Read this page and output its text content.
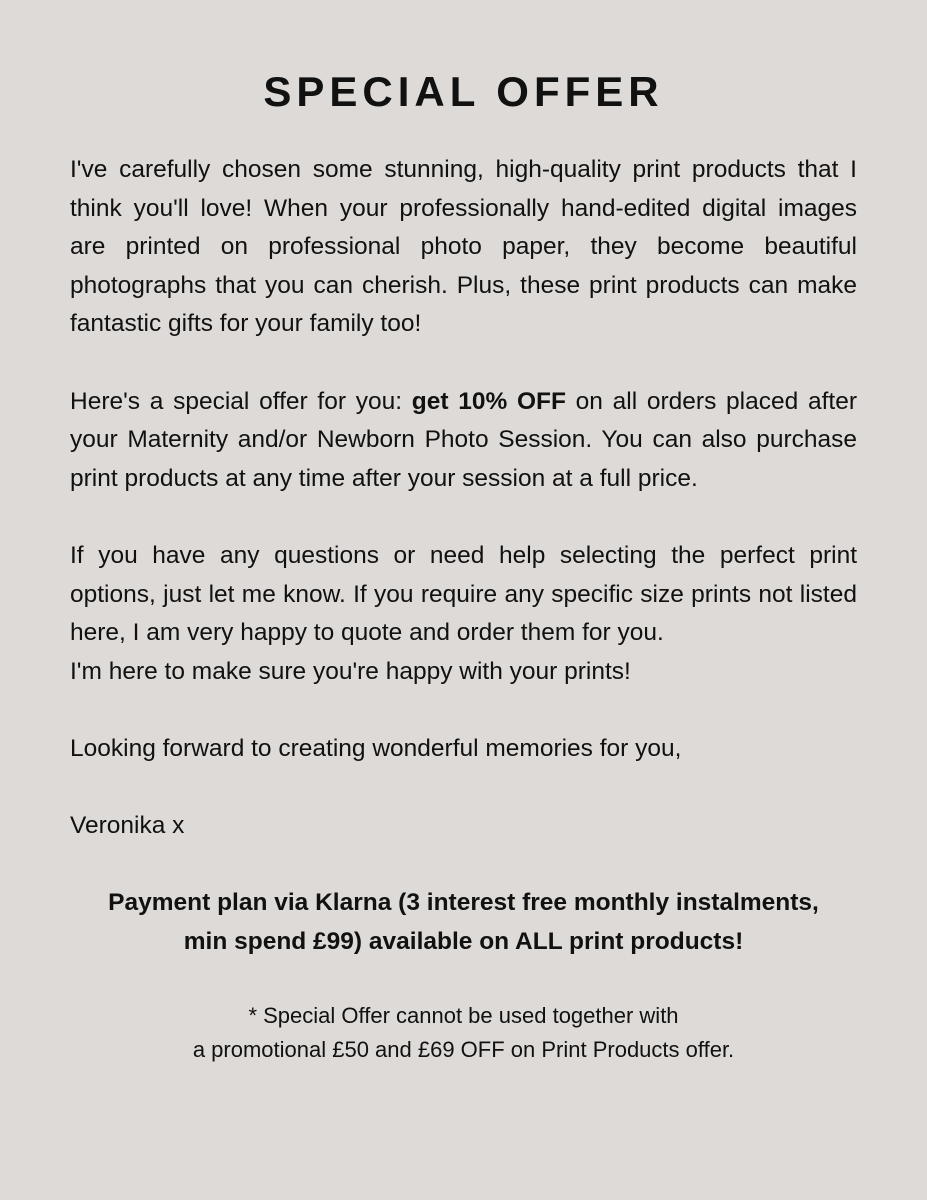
SPECIAL OFFER

I've carefully chosen some stunning, high-quality print products that I think you'll love! When your professionally hand-edited digital images are printed on professional photo paper, they become beautiful photographs that you can cherish. Plus, these print products can make fantastic gifts for your family too!

Here's a special offer for you: get 10% OFF on all orders placed after your Maternity and/or Newborn Photo Session. You can also purchase print products at any time after your session at a full price.

If you have any questions or need help selecting the perfect print options, just let me know. If you require any specific size prints not listed here, I am very happy to quote and order them for you.

I'm here to make sure you're happy with your prints!

Looking forward to creating wonderful memories for you,

Veronika x

Payment plan via Klarna (3 interest free monthly instalments,
min spend £99) available on ALL print products!
* Special Offer cannot be used together with
a promotional £50 and £69 OFF on Print Products offer.
